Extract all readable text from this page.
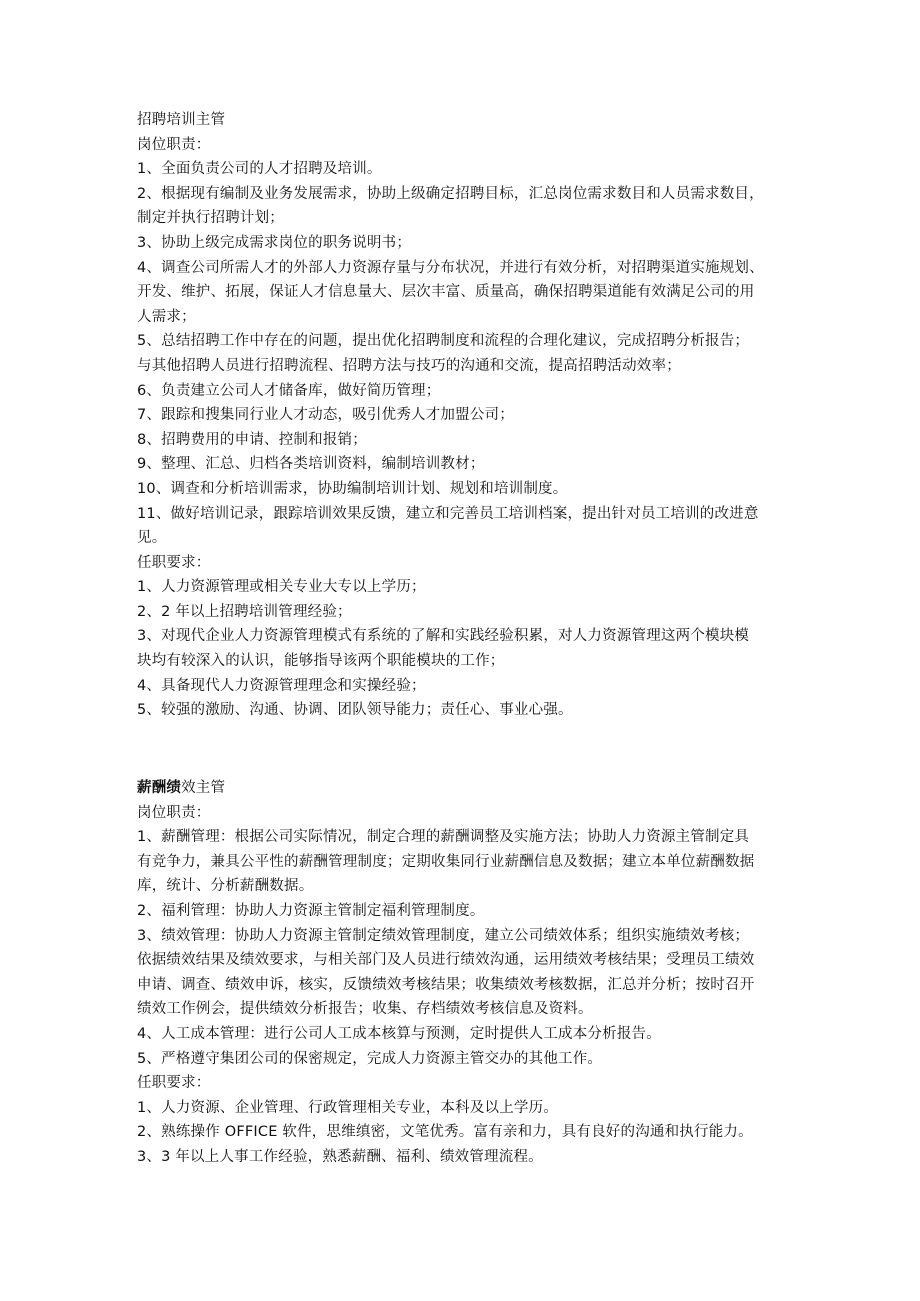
招聘培训主管

岗位职责：

1、全面负责公司的人才招聘及培训。

2、根据现有编制及业务发展需求，协助上级确定招聘目标，汇总岗位需求数目和人员需求数目，

制定并执行招聘计划；

3、协助上级完成需求岗位的职务说明书；

4、调查公司所需人才的外部人力资源存量与分布状况，并进行有效分析，对招聘渠道实施规划、

开发、维护、拓展，保证人才信息量大、层次丰富、质量高，确保招聘渠道能有效满足公司的用

人需求；

5、总结招聘工作中存在的问题，提出优化招聘制度和流程的合理化建议，完成招聘分析报告；

与其他招聘人员进行招聘流程、招聘方法与技巧的沟通和交流，提高招聘活动效率；

6、负责建立公司人才储备库，做好简历管理；

7、跟踪和搜集同行业人才动态，吸引优秀人才加盟公司；

8、招聘费用的申请、控制和报销；

9、整理、汇总、归档各类培训资料，编制培训教材；

10、调查和分析培训需求，协助编制培训计划、规划和培训制度。

11、做好培训记录，跟踪培训效果反馈，建立和完善员工培训档案，提出针对员工培训的改进意

见。

任职要求：

1、人力资源管理或相关专业大专以上学历；

2、2 年以上招聘培训管理经验；

3、对现代企业人力资源管理模式有系统的了解和实践经验积累，对人力资源管理这两个模块模

块均有较深入的认识，能够指导该两个职能模块的工作；

4、具备现代人力资源管理理念和实操经验；

5、较强的激励、沟通、协调、团队领导能力；责任心、事业心强。

薪酬绩效主管

岗位职责：

1、薪酬管理：根据公司实际情况，制定合理的薪酬调整及实施方法；协助人力资源主管制定具

有竞争力，兼具公平性的薪酬管理制度；定期收集同行业薪酬信息及数据；建立本单位薪酬数据

库，统计、分析薪酬数据。

2、福利管理：协助人力资源主管制定福利管理制度。

3、绩效管理：协助人力资源主管制定绩效管理制度，建立公司绩效体系；组织实施绩效考核；

依据绩效结果及绩效要求，与相关部门及人员进行绩效沟通，运用绩效考核结果；受理员工绩效

申请、调查、绩效申诉，核实，反馈绩效考核结果；收集绩效考核数据，汇总并分析；按时召开

绩效工作例会，提供绩效分析报告；收集、存档绩效考核信息及资料。

4、人工成本管理：进行公司人工成本核算与预测，定时提供人工成本分析报告。

5、严格遵守集团公司的保密规定，完成人力资源主管交办的其他工作。

任职要求：

1、人力资源、企业管理、行政管理相关专业，本科及以上学历。

2、熟练操作 OFFICE 软件，思维缜密，文笔优秀。富有亲和力，具有良好的沟通和执行能力。

3、3 年以上人事工作经验，熟悉薪酬、福利、绩效管理流程。
